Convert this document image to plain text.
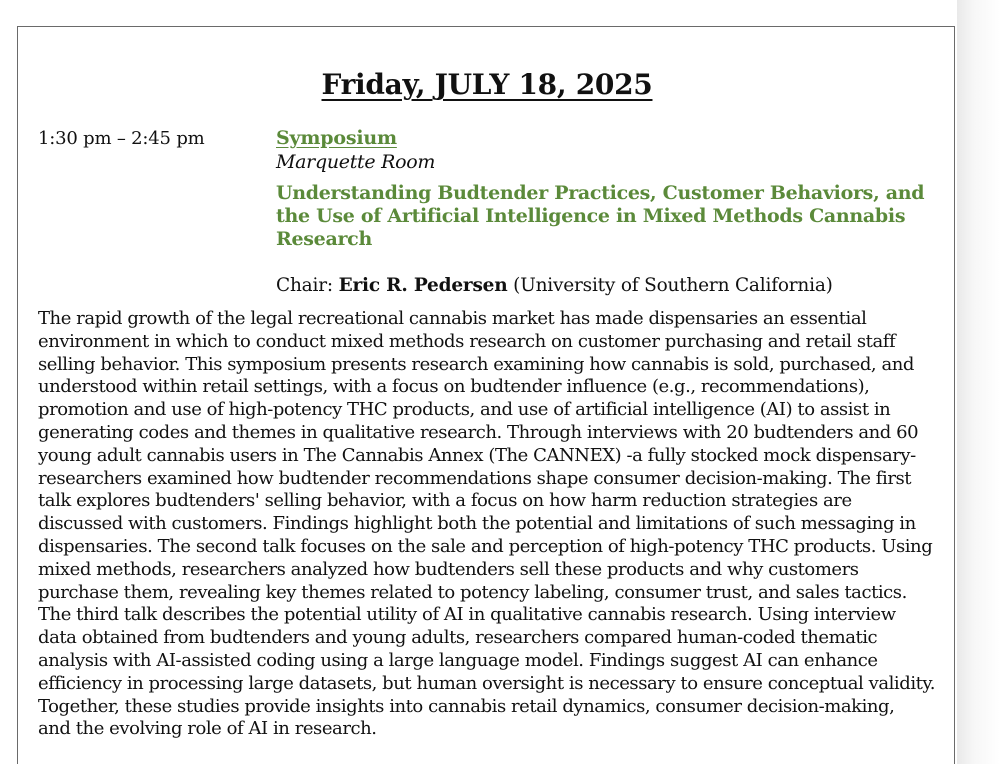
Friday, JULY 18, 2025
1:30 pm – 2:45 pm	Symposium
Marquette Room
Understanding Budtender Practices, Customer Behaviors, and the Use of Artificial Intelligence in Mixed Methods Cannabis Research
Chair: Eric R. Pedersen (University of Southern California)

The rapid growth of the legal recreational cannabis market has made dispensaries an essential
environment in which to conduct mixed methods research on customer purchasing and retail staff
selling behavior. This symposium presents research examining how cannabis is sold, purchased, and
understood within retail settings, with a focus on budtender influence (e.g., recommendations),
promotion and use of high-potency THC products, and use of artificial intelligence (AI) to assist in
generating codes and themes in qualitative research. Through interviews with 20 budtenders and 60
young adult cannabis users in The Cannabis Annex (The CANNEX) -a fully stocked mock dispensary-
researchers examined how budtender recommendations shape consumer decision-making. The first
talk explores budtenders' selling behavior, with a focus on how harm reduction strategies are
discussed with customers. Findings highlight both the potential and limitations of such messaging in
dispensaries. The second talk focuses on the sale and perception of high-potency THC products. Using
mixed methods, researchers analyzed how budtenders sell these products and why customers
purchase them, revealing key themes related to potency labeling, consumer trust, and sales tactics.
The third talk describes the potential utility of AI in qualitative cannabis research. Using interview
data obtained from budtenders and young adults, researchers compared human-coded thematic
analysis with AI-assisted coding using a large language model. Findings suggest AI can enhance
efficiency in processing large datasets, but human oversight is necessary to ensure conceptual validity.
Together, these studies provide insights into cannabis retail dynamics, consumer decision-making,
and the evolving role of AI in research.
